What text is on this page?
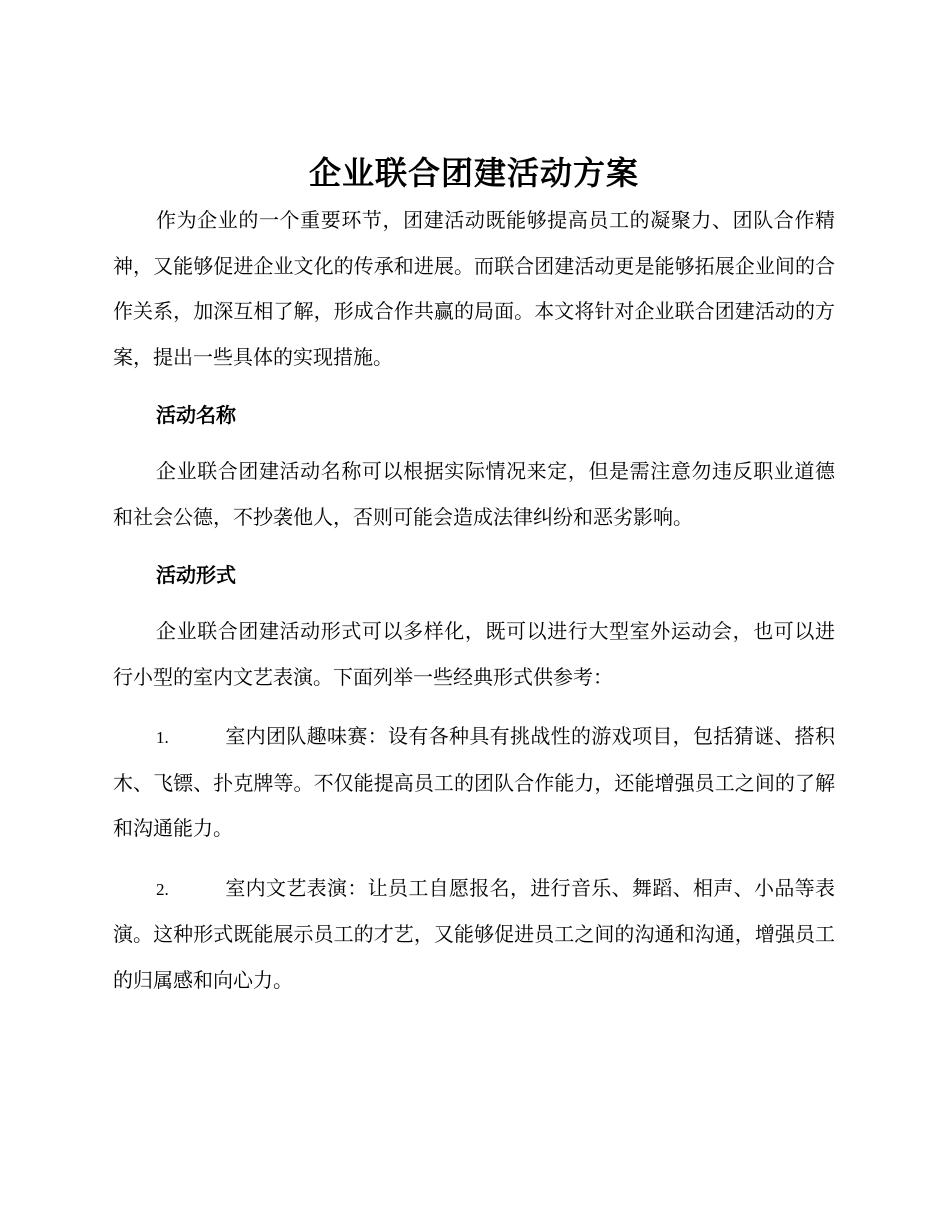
企业联合团建活动方案

作为企业的一个重要环节，团建活动既能够提高员工的凝聚力、团队合作精神，又能够促进企业文化的传承和进展。而联合团建活动更是能够拓展企业间的合作关系，加深互相了解，形成合作共赢的局面。本文将针对企业联合团建活动的方案，提出一些具体的实现措施。

活动名称

企业联合团建活动名称可以根据实际情况来定，但是需注意勿违反职业道德和社会公德，不抄袭他人，否则可能会造成法律纠纷和恶劣影响。

活动形式

企业联合团建活动形式可以多样化，既可以进行大型室外运动会，也可以进行小型的室内文艺表演。下面列举一些经典形式供参考：

1.	室内团队趣味赛：设有各种具有挑战性的游戏项目，包括猜谜、搭积木、飞镖、扑克牌等。不仅能提高员工的团队合作能力，还能增强员工之间的了解和沟通能力。
2.	室内文艺表演：让员工自愿报名，进行音乐、舞蹈、相声、小品等表演。这种形式既能展示员工的才艺，又能够促进员工之间的沟通和沟通，增强员工的归属感和向心力。
